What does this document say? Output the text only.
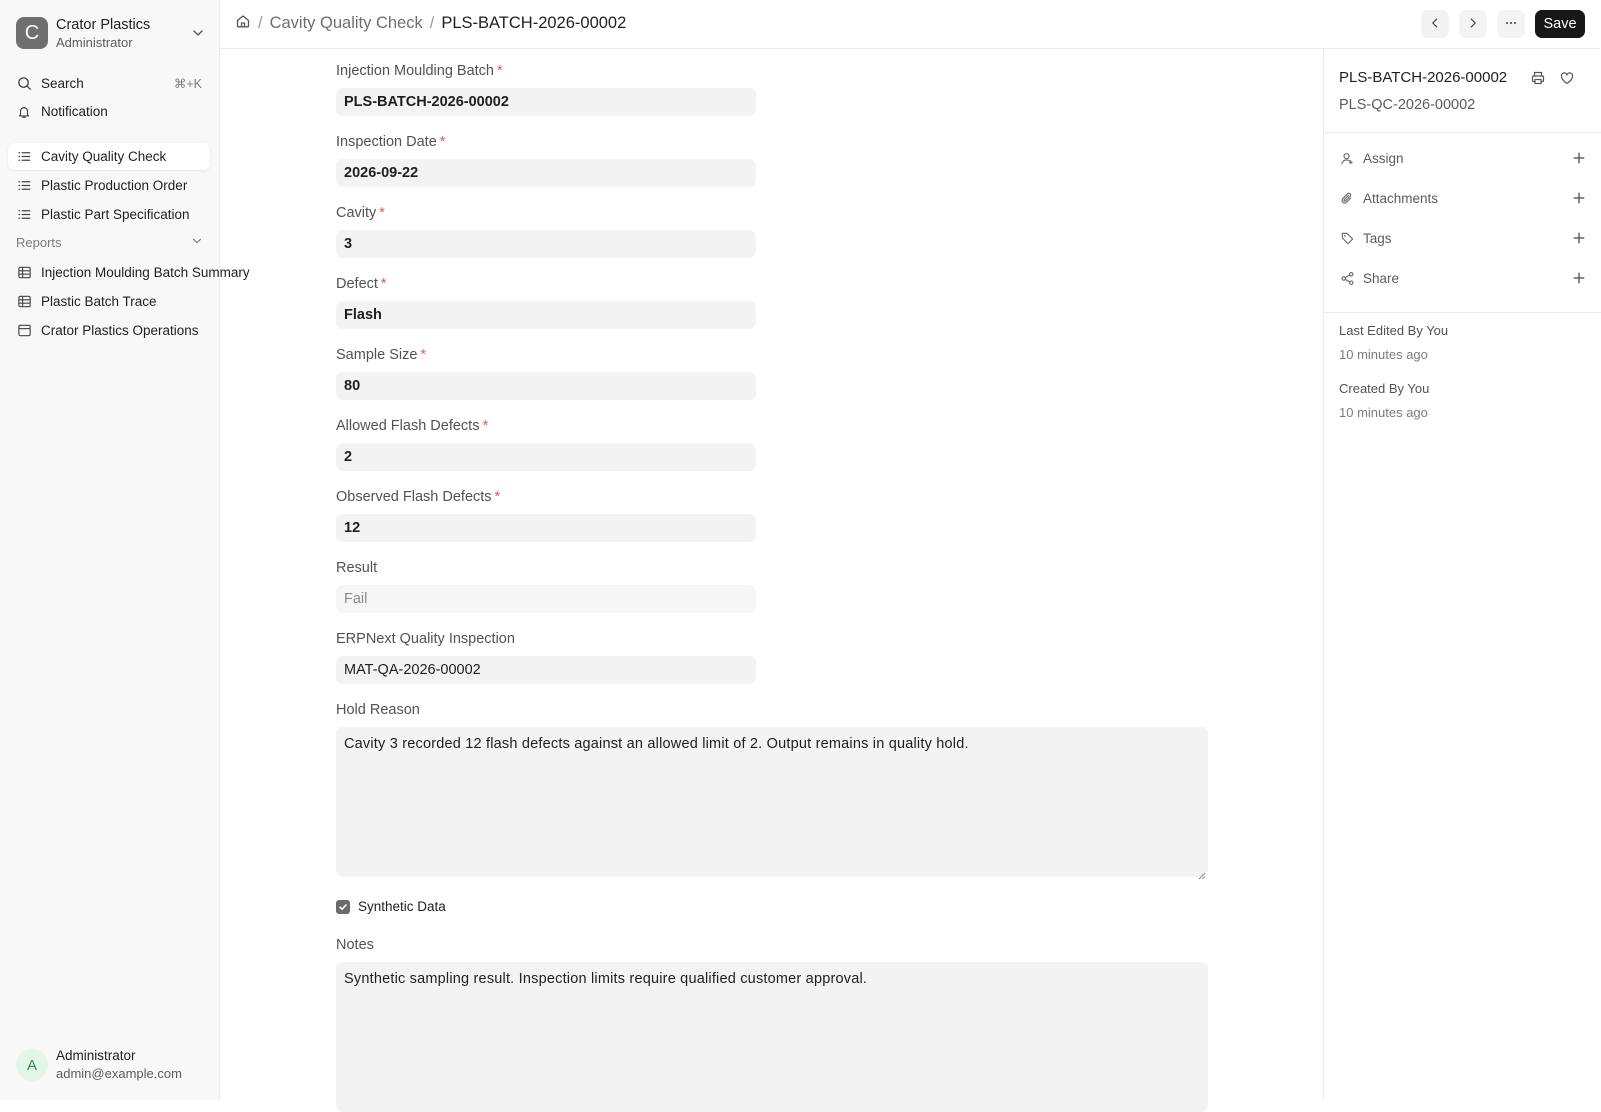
C	Crator Plastics
Administrator
Search	⌘+K
Notification
Cavity Quality Check
Plastic Production Order
Plastic Part Specification
Reports
Injection Moulding Batch Summary
Plastic Batch Trace
Crator Plastics Operations
A
Administrator
admin@example.com
/ Cavity Quality Check / PLS-BATCH-2026-00002	Save
Injection Moulding Batch *
PLS-BATCH-2026-00002
Inspection Date *
2026-09-22
Cavity *
3
Defect *
Flash
Sample Size *
80
Allowed Flash Defects *
2
Observed Flash Defects *
12
Result
Fail
ERPNext Quality Inspection
MAT-QA-2026-00002
Hold Reason
Cavity 3 recorded 12 flash defects against an allowed limit of 2. Output remains in quality hold.
Synthetic Data
Notes
Synthetic sampling result. Inspection limits require qualified customer approval.
PLS-BATCH-2026-00002
PLS-QC-2026-00002
Assign
Attachments
Tags
Share
Last Edited By You
10 minutes ago
Created By You
10 minutes ago
